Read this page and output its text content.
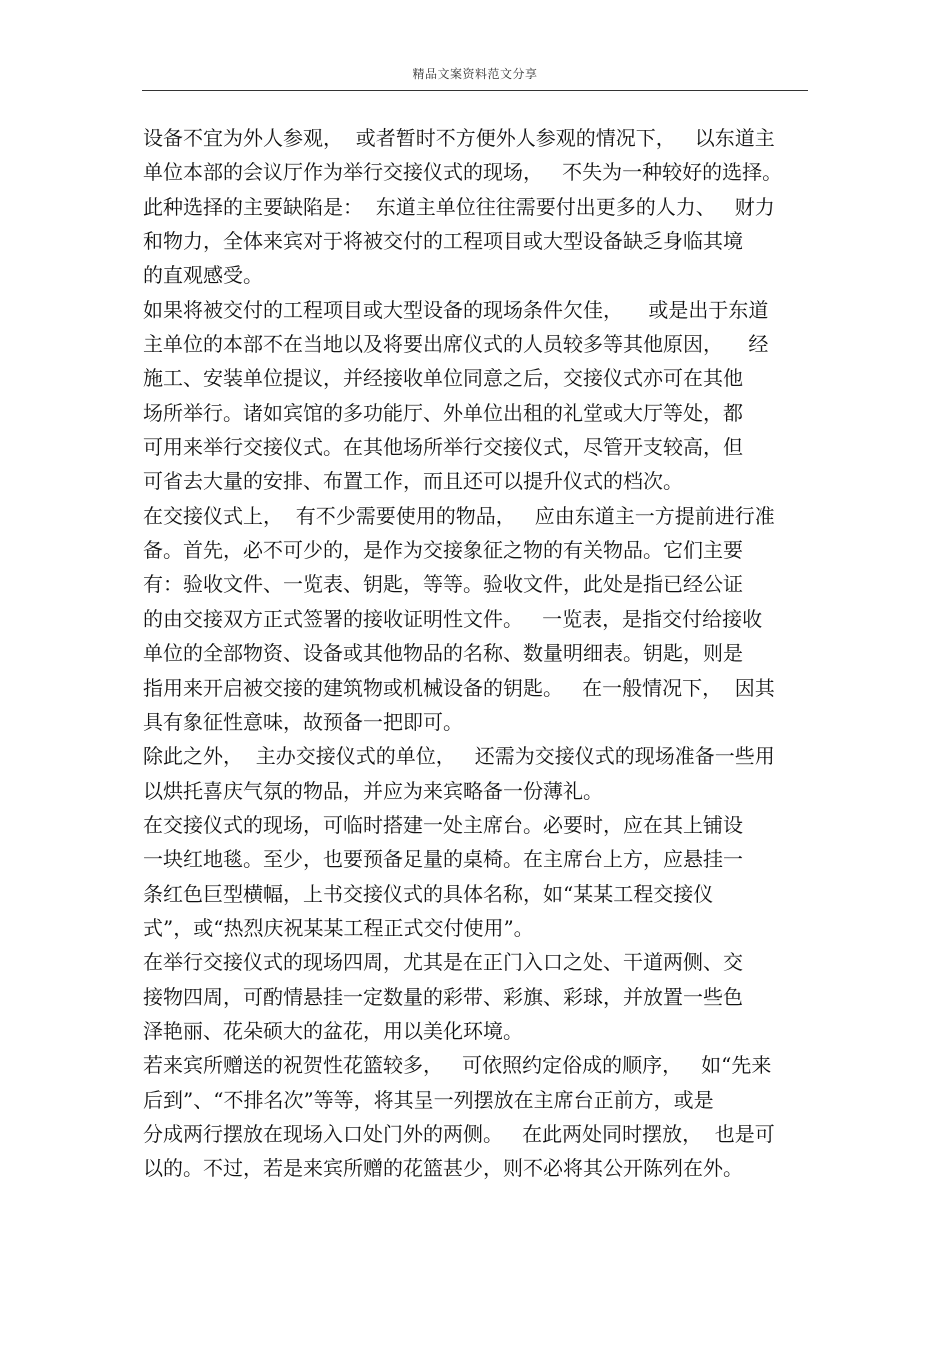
精品文案资料范文分享
设备不宜为外人参观，  或者暂时不方便外人参观的情况下，   以东道主
单位本部的会议厅作为举行交接仪式的现场，   不失为一种较好的选择。
此种选择的主要缺陷是：  东道主单位往往需要付出更多的人力、   财力
和物力，全体来宾对于将被交付的工程项目或大型设备缺乏身临其境
的直观感受。
如果将被交付的工程项目或大型设备的现场条件欠佳，    或是出于东道
主单位的本部不在当地以及将要出席仪式的人员较多等其他原因，    经
施工、安装单位提议，并经接收单位同意之后，交接仪式亦可在其他
场所举行。诸如宾馆的多功能厅、外单位出租的礼堂或大厅等处，都
可用来举行交接仪式。在其他场所举行交接仪式，尽管开支较高，但
可省去大量的安排、布置工作，而且还可以提升仪式的档次。
在交接仪式上，  有不少需要使用的物品，   应由东道主一方提前进行准
备。首先，必不可少的，是作为交接象征之物的有关物品。它们主要
有：验收文件、一览表、钥匙，等等。验收文件，此处是指已经公证
的由交接双方正式签署的接收证明性文件。   一览表，是指交付给接收
单位的全部物资、设备或其他物品的名称、数量明细表。钥匙，则是
指用来开启被交接的建筑物或机械设备的钥匙。   在一般情况下，  因其
具有象征性意味，故预备一把即可。
除此之外，  主办交接仪式的单位，   还需为交接仪式的现场准备一些用
以烘托喜庆气氛的物品，并应为来宾略备一份薄礼。
在交接仪式的现场，可临时搭建一处主席台。必要时，应在其上铺设
一块红地毯。至少，也要预备足量的桌椅。在主席台上方，应悬挂一
条红色巨型横幅，上书交接仪式的具体名称，如“某某工程交接仪
式”，或“热烈庆祝某某工程正式交付使用”。
在举行交接仪式的现场四周，尤其是在正门入口之处、干道两侧、交
接物四周，可酌情悬挂一定数量的彩带、彩旗、彩球，并放置一些色
泽艳丽、花朵硕大的盆花，用以美化环境。
若来宾所赠送的祝贺性花篮较多，   可依照约定俗成的顺序，   如“先来
后到”、“不排名次”等等，将其呈一列摆放在主席台正前方，或是
分成两行摆放在现场入口处门外的两侧。   在此两处同时摆放，  也是可
以的。不过，若是来宾所赠的花篮甚少，则不必将其公开陈列在外。
